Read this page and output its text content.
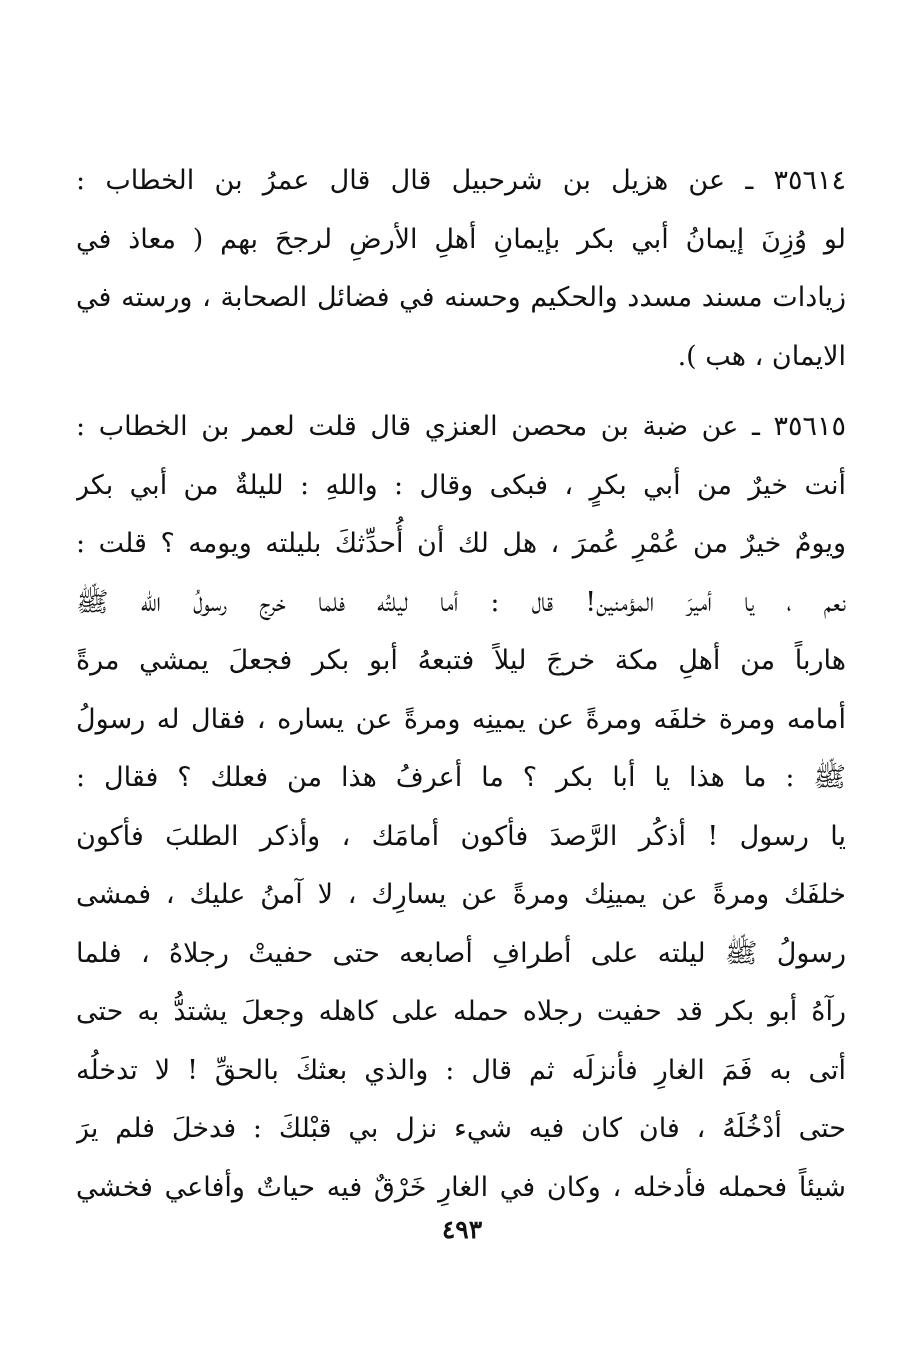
٣٥٦١٤ ـ عن هزيل بن شرحبيل قال قال عمرُ بن الخطاب :
لو وُزِنَ إيمانُ أبي بكر بإيمانِ أهلِ الأرضِ لرجحَ بهم ( معاذ في
زيادات مسند مسدد والحكيم وحسنه في فضائل الصحابة ، ورسته في
الايمان ، هب ).

٣٥٦١٥ ـ عن ضبة بن محصن العنزي قال قلت لعمر بن الخطاب :
أنت خيرٌ من أبي بكرٍ ، فبكى وقال : واللهِ : لليلةٌ من أبي بكر
ويومٌ خيرٌ من عُمْرِ عُمرَ ، هل لك أن أُحدِّثكَ بليلته ويومه ؟ قلت :
نعم ، يا أميرَ المؤمنين! قال : أما ليلتُه فلما خرج رسولُ الله ﷺ
هارباً من أهلِ مكة خرجَ ليلاً فتبعهُ أبو بكر فجعلَ يمشي مرةً
أمامه ومرة خلفَه ومرةً عن يمينِه ومرةً عن يساره ، فقال له رسولُ
ﷺ : ما هذا يا أبا بكر ؟ ما أعرفُ هذا من فعلك ؟ فقال :
يا رسول ! أذكُر الرَّصدَ فأكون أمامَك ، وأذكر الطلبَ فأكون
خلفَك ومرةً عن يمينِك ومرةً عن يسارِك ، لا آمنُ عليك ، فمشى
رسولُ ﷺ ليلته على أطرافِ أصابعه حتى حفيتْ رجلاهُ ، فلما
رآهُ أبو بكر قد حفيت رجلاه حمله على كاهله وجعلَ يشتدُّ به حتى
أتى به فَمَ الغارِ فأنزلَه ثم قال : والذي بعثكَ بالحقِّ ! لا تدخلُه
حتى أدْخُلَهُ ، فان كان فيه شيء نزل بي قبْلكَ : فدخلَ فلم يرَ
شيئاً فحمله فأدخله ، وكان في الغارِ خَرْقٌ فيه حياتٌ وأفاعي فخشي

٤٩٣
